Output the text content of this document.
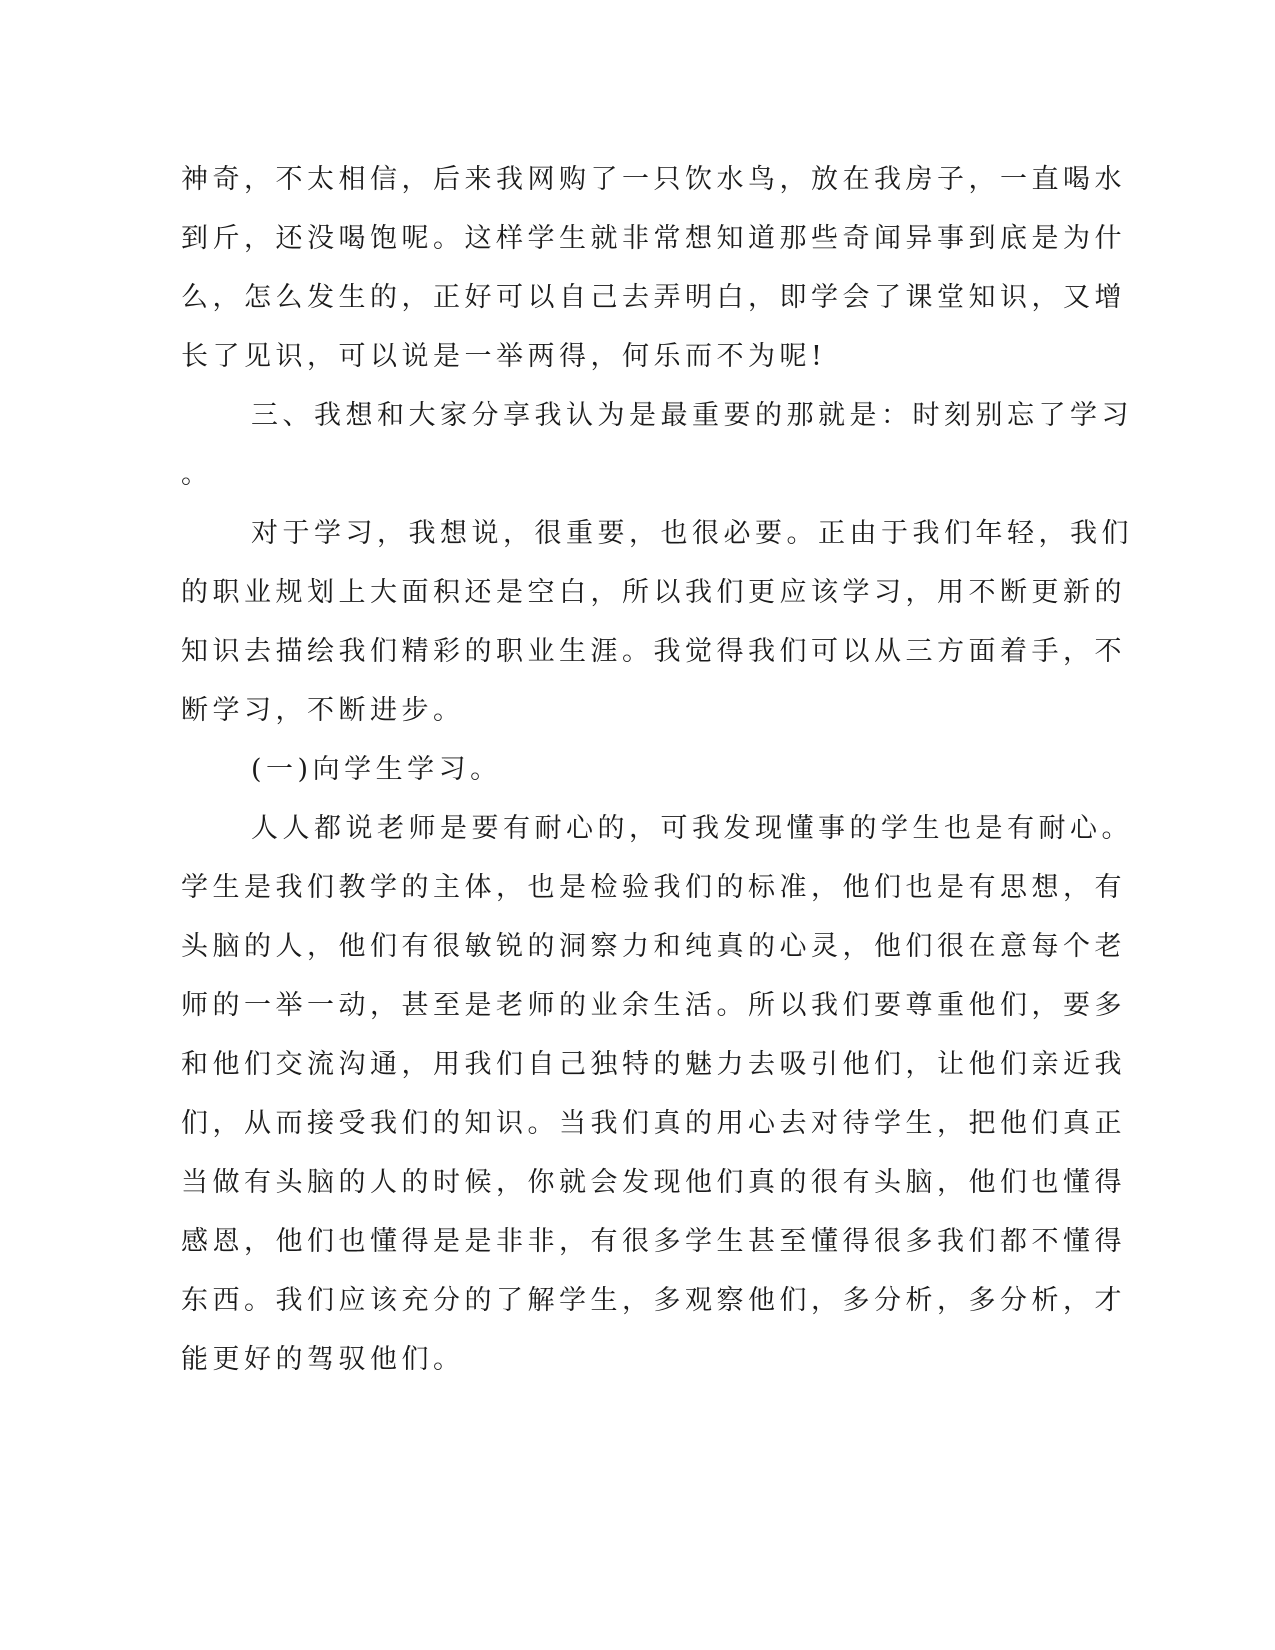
神奇，不太相信，后来我网购了一只饮水鸟，放在我房子，一直喝水
到斤，还没喝饱呢。这样学生就非常想知道那些奇闻异事到底是为什
么，怎么发生的，正好可以自己去弄明白，即学会了课堂知识，又增
长了见识，可以说是一举两得，何乐而不为呢!
三、我想和大家分享我认为是最重要的那就是：时刻别忘了学习
。
对于学习，我想说，很重要，也很必要。正由于我们年轻，我们
的职业规划上大面积还是空白，所以我们更应该学习，用不断更新的
知识去描绘我们精彩的职业生涯。我觉得我们可以从三方面着手，不
断学习，不断进步。
(一)向学生学习。
人人都说老师是要有耐心的，可我发现懂事的学生也是有耐心。
学生是我们教学的主体，也是检验我们的标准，他们也是有思想，有
头脑的人，他们有很敏锐的洞察力和纯真的心灵，他们很在意每个老
师的一举一动，甚至是老师的业余生活。所以我们要尊重他们，要多
和他们交流沟通，用我们自己独特的魅力去吸引他们，让他们亲近我
们，从而接受我们的知识。当我们真的用心去对待学生，把他们真正
当做有头脑的人的时候，你就会发现他们真的很有头脑，他们也懂得
感恩，他们也懂得是是非非，有很多学生甚至懂得很多我们都不懂得
东西。我们应该充分的了解学生，多观察他们，多分析，多分析，才
能更好的驾驭他们。
